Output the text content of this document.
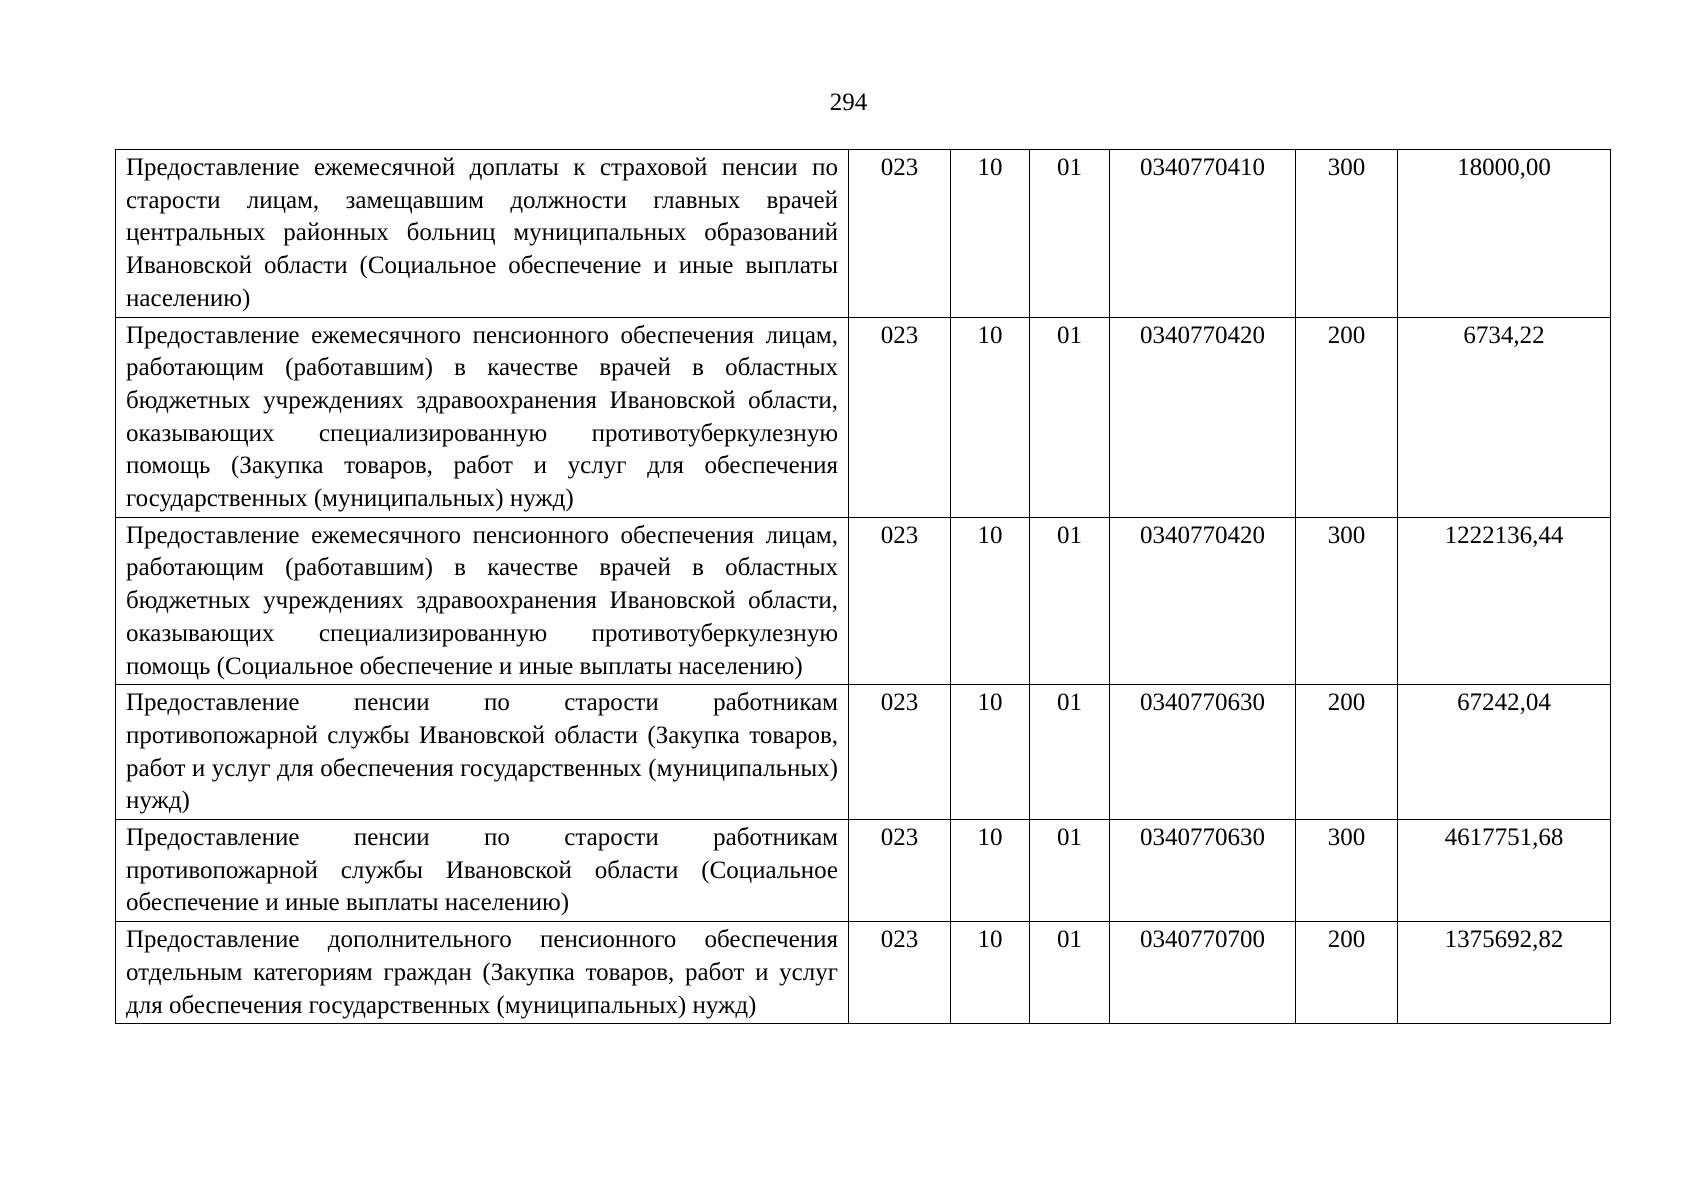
294
Предоставление ежемесячной доплаты к страховой пенсии по старости лицам, замещавшим должности главных врачей центральных районных больниц муниципальных образований Ивановской области (Социальное обеспечение и иные выплаты населению)	023	10	01	0340770410	300	18000,00
Предоставление ежемесячного пенсионного обеспечения лицам, работающим (работавшим) в качестве врачей в областных бюджетных учреждениях здравоохранения Ивановской области, оказывающих специализированную противотуберкулезную помощь (Закупка товаров, работ и услуг для обеспечения государственных (муниципальных) нужд)	023	10	01	0340770420	200	6734,22
Предоставление ежемесячного пенсионного обеспечения лицам, работающим (работавшим) в качестве врачей в областных бюджетных учреждениях здравоохранения Ивановской области, оказывающих специализированную противотуберкулезную помощь (Социальное обеспечение и иные выплаты населению)	023	10	01	0340770420	300	1222136,44
Предоставление пенсии по старости работникам противопожарной службы Ивановской области (Закупка товаров, работ и услуг для обеспечения государственных (муниципальных) нужд)	023	10	01	0340770630	200	67242,04
Предоставление пенсии по старости работникам противопожарной службы Ивановской области (Социальное обеспечение и иные выплаты населению)	023	10	01	0340770630	300	4617751,68
Предоставление дополнительного пенсионного обеспечения отдельным категориям граждан (Закупка товаров, работ и услуг для обеспечения государственных (муниципальных) нужд)	023	10	01	0340770700	200	1375692,82
